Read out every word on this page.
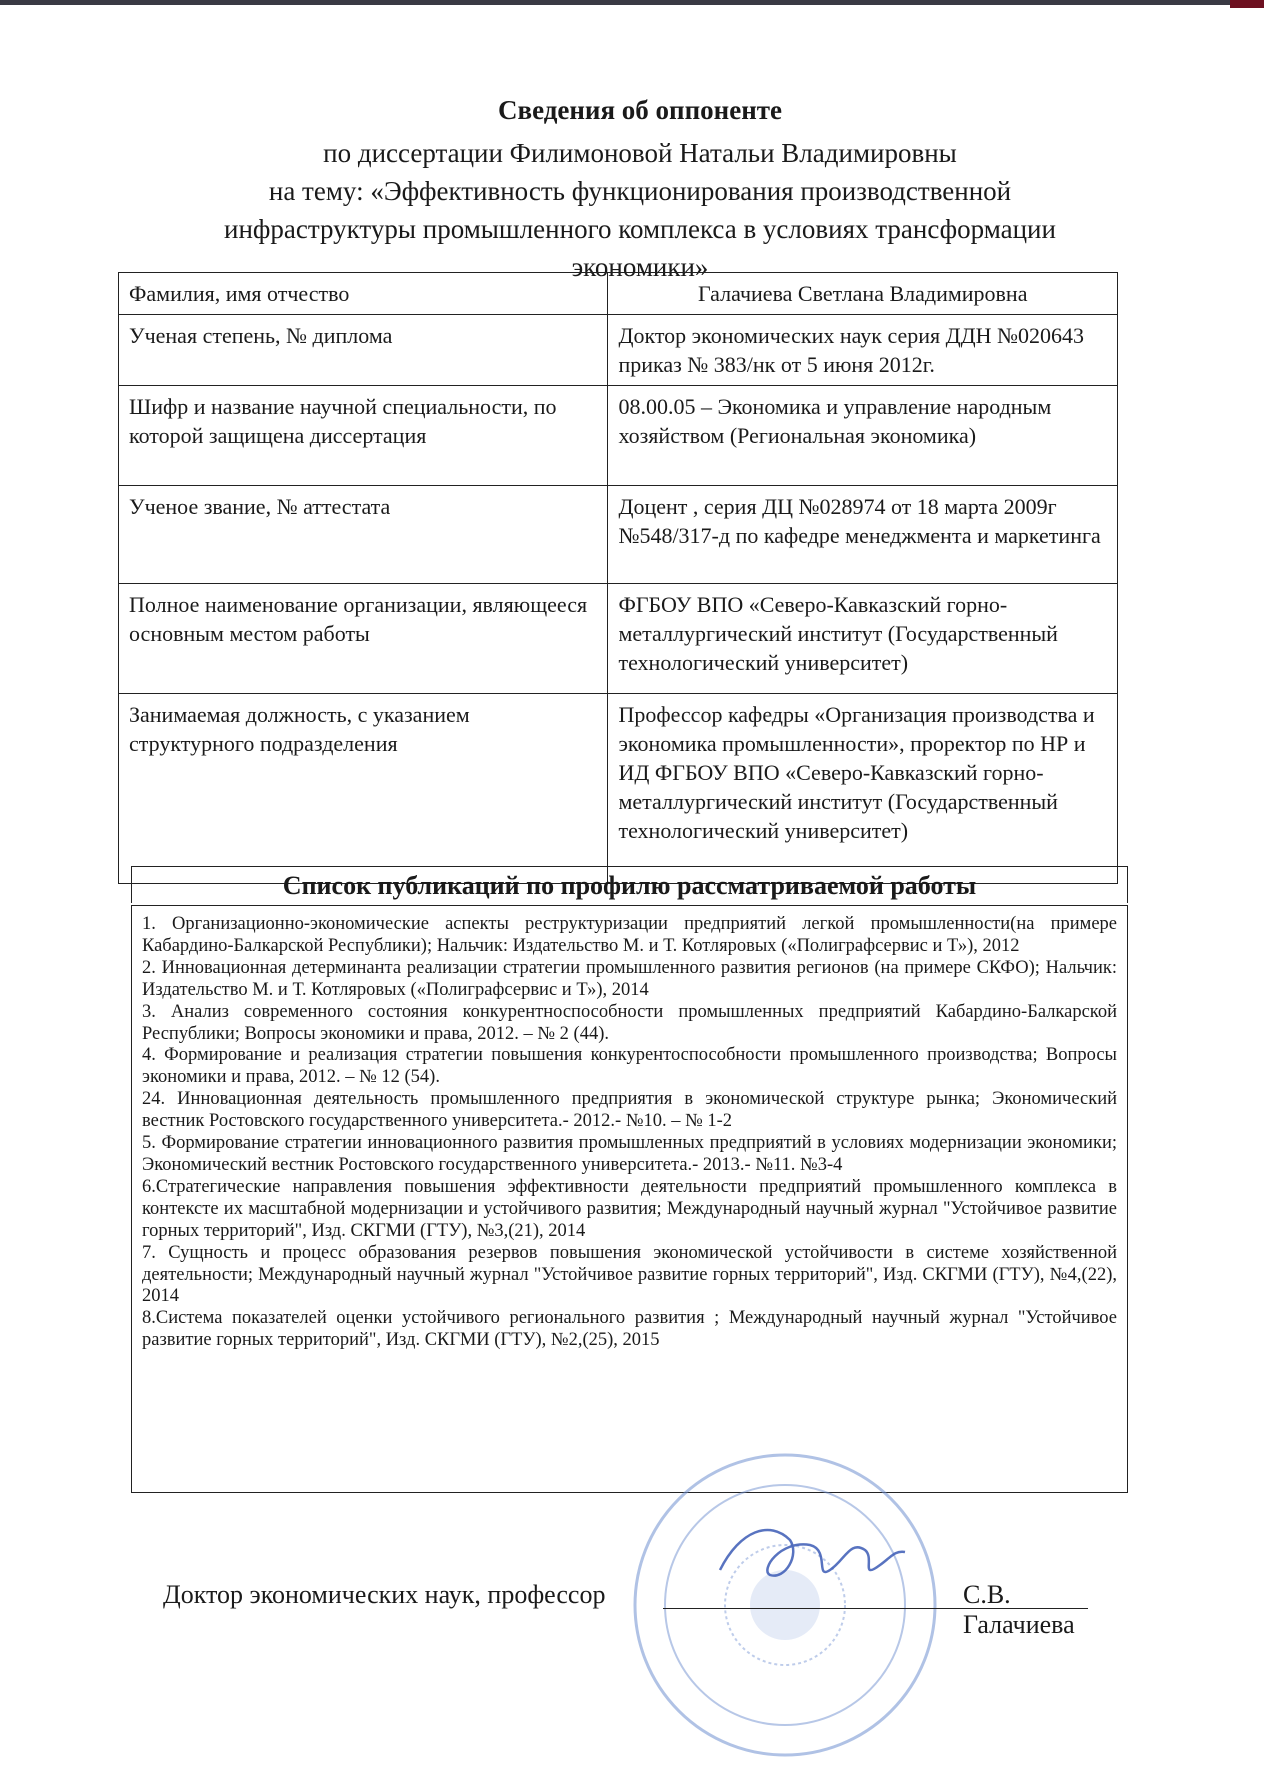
Сведения об оппоненте

по диссертации Филимоновой Натальи Владимировны

на тему: «Эффективность функционирования производственной

инфраструктуры промышленного комплекса в условиях трансформации

экономики»

Фамилия, имя отчество	Галачиева Светлана Владимировна
Ученая степень, № диплома	Доктор экономических наук серия ДДН №020643 приказ № 383/нк от 5 июня 2012г.
Шифр и название научной специальности, по которой защищена диссертация	08.00.05 – Экономика и управление народным хозяйством (Региональная экономика)
Ученое звание, № аттестата	Доцент , серия ДЦ №028974 от 18 марта 2009г №548/317-д по кафедре менеджмента и маркетинга
Полное наименование организации, являющееся основным местом работы	ФГБОУ ВПО «Северо-Кавказский горно-металлургический институт (Государственный технологический университет)
Занимаемая должность, с указанием структурного подразделения	Профессор кафедры «Организация производства и экономика промышленности», проректор по НР и ИД ФГБОУ ВПО «Северо-Кавказский горно-металлургический институт (Государственный технологический университет)
Список публикаций по профилю рассматриваемой работы

1. Организационно-экономические аспекты реструктуризации предприятий легкой промышленности(на примере Кабардино-Балкарской Республики); Нальчик: Издательство М. и Т. Котляровых («Полиграфсервис и Т»), 2012

2. Инновационная детерминанта реализации стратегии промышленного развития регионов (на примере СКФО); Нальчик: Издательство М. и Т. Котляровых («Полиграфсервис и Т»), 2014

3. Анализ современного состояния конкурентноспособности промышленных предприятий Кабардино-Балкарской Республики; Вопросы экономики и права, 2012. – № 2 (44).

4. Формирование и реализация стратегии повышения конкурентоспособности промышленного производства; Вопросы экономики и права, 2012. – № 12 (54).

24. Инновационная деятельность промышленного предприятия в экономической структуре рынка; Экономический вестник Ростовского государственного университета.- 2012.- №10. – № 1-2

5. Формирование стратегии инновационного развития промышленных предприятий в условиях модернизации экономики; Экономический вестник Ростовского государственного университета.- 2013.- №11. №3-4

6.Стратегические направления повышения эффективности деятельности предприятий промышленного комплекса в контексте их масштабной модернизации и устойчивого развития; Международный научный журнал "Устойчивое развитие горных территорий", Изд. СКГМИ (ГТУ), №3,(21), 2014

7. Сущность и процесс образования резервов повышения экономической устойчивости в системе хозяйственной деятельности; Международный научный журнал "Устойчивое развитие горных территорий", Изд. СКГМИ (ГТУ), №4,(22), 2014

8.Система показателей оценки устойчивого регионального развития ; Международный научный журнал "Устойчивое развитие горных территорий", Изд. СКГМИ (ГТУ), №2,(25), 2015

Доктор экономических наук, профессор	С.В. Галачиева
